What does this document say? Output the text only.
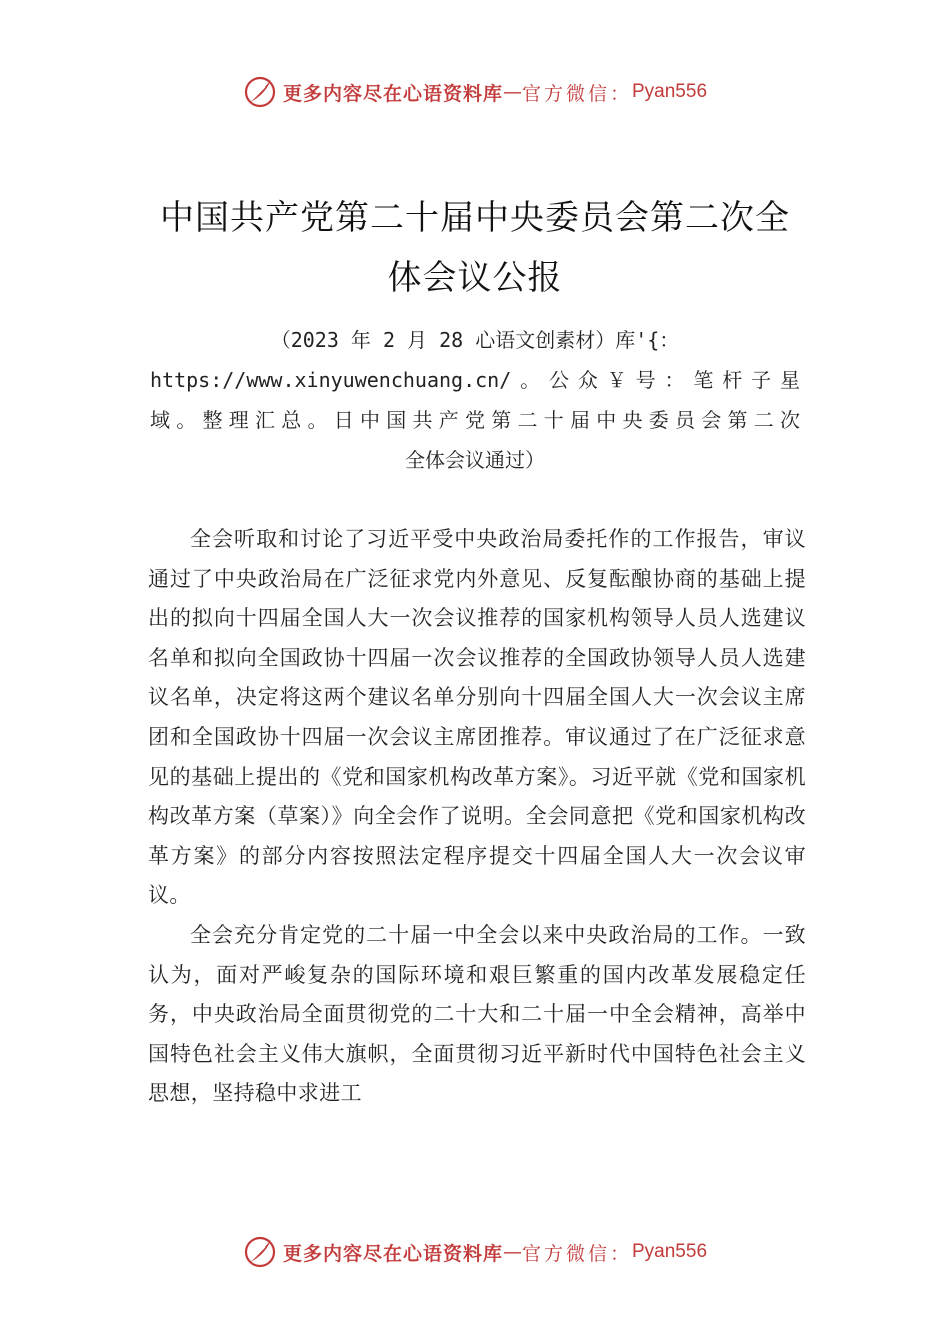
更多内容尽在心语资料库 — 官方微信： Pyan556
中国共产党第二十届中央委员会第二次全
体会议公报
（2023 年 2 月 28 心语文创素材）库'{：
https://www.xinyuwenchuang.cn/。公众￥号：笔杆子星
域。整理汇总。日中国共产党第二十届中央委员会第二次
全体会议通过）

全会听取和讨论了习近平受中央政治局委托作的工作报告，审议通过了中央政治局在广泛征求党内外意见、反复酝酿协商的基础上提出的拟向十四届全国人大一次会议推荐的国家机构领导人员人选建议名单和拟向全国政协十四届一次会议推荐的全国政协领导人员人选建议名单，决定将这两个建议名单分别向十四届全国人大一次会议主席团和全国政协十四届一次会议主席团推荐。审议通过了在广泛征求意见的基础上提出的《党和国家机构改革方案》。习近平就《党和国家机构改革方案（草案）》向全会作了说明。全会同意把《党和国家机构改革方案》的部分内容按照法定程序提交十四届全国人大一次会议审议。

全会充分肯定党的二十届一中全会以来中央政治局的工作。一致认为，面对严峻复杂的国际环境和艰巨繁重的国内改革发展稳定任务，中央政治局全面贯彻党的二十大和二十届一中全会精神，高举中国特色社会主义伟大旗帜，全面贯彻习近平新时代中国特色社会主义思想，坚持稳中求进工

更多内容尽在心语资料库 — 官方微信： Pyan556
